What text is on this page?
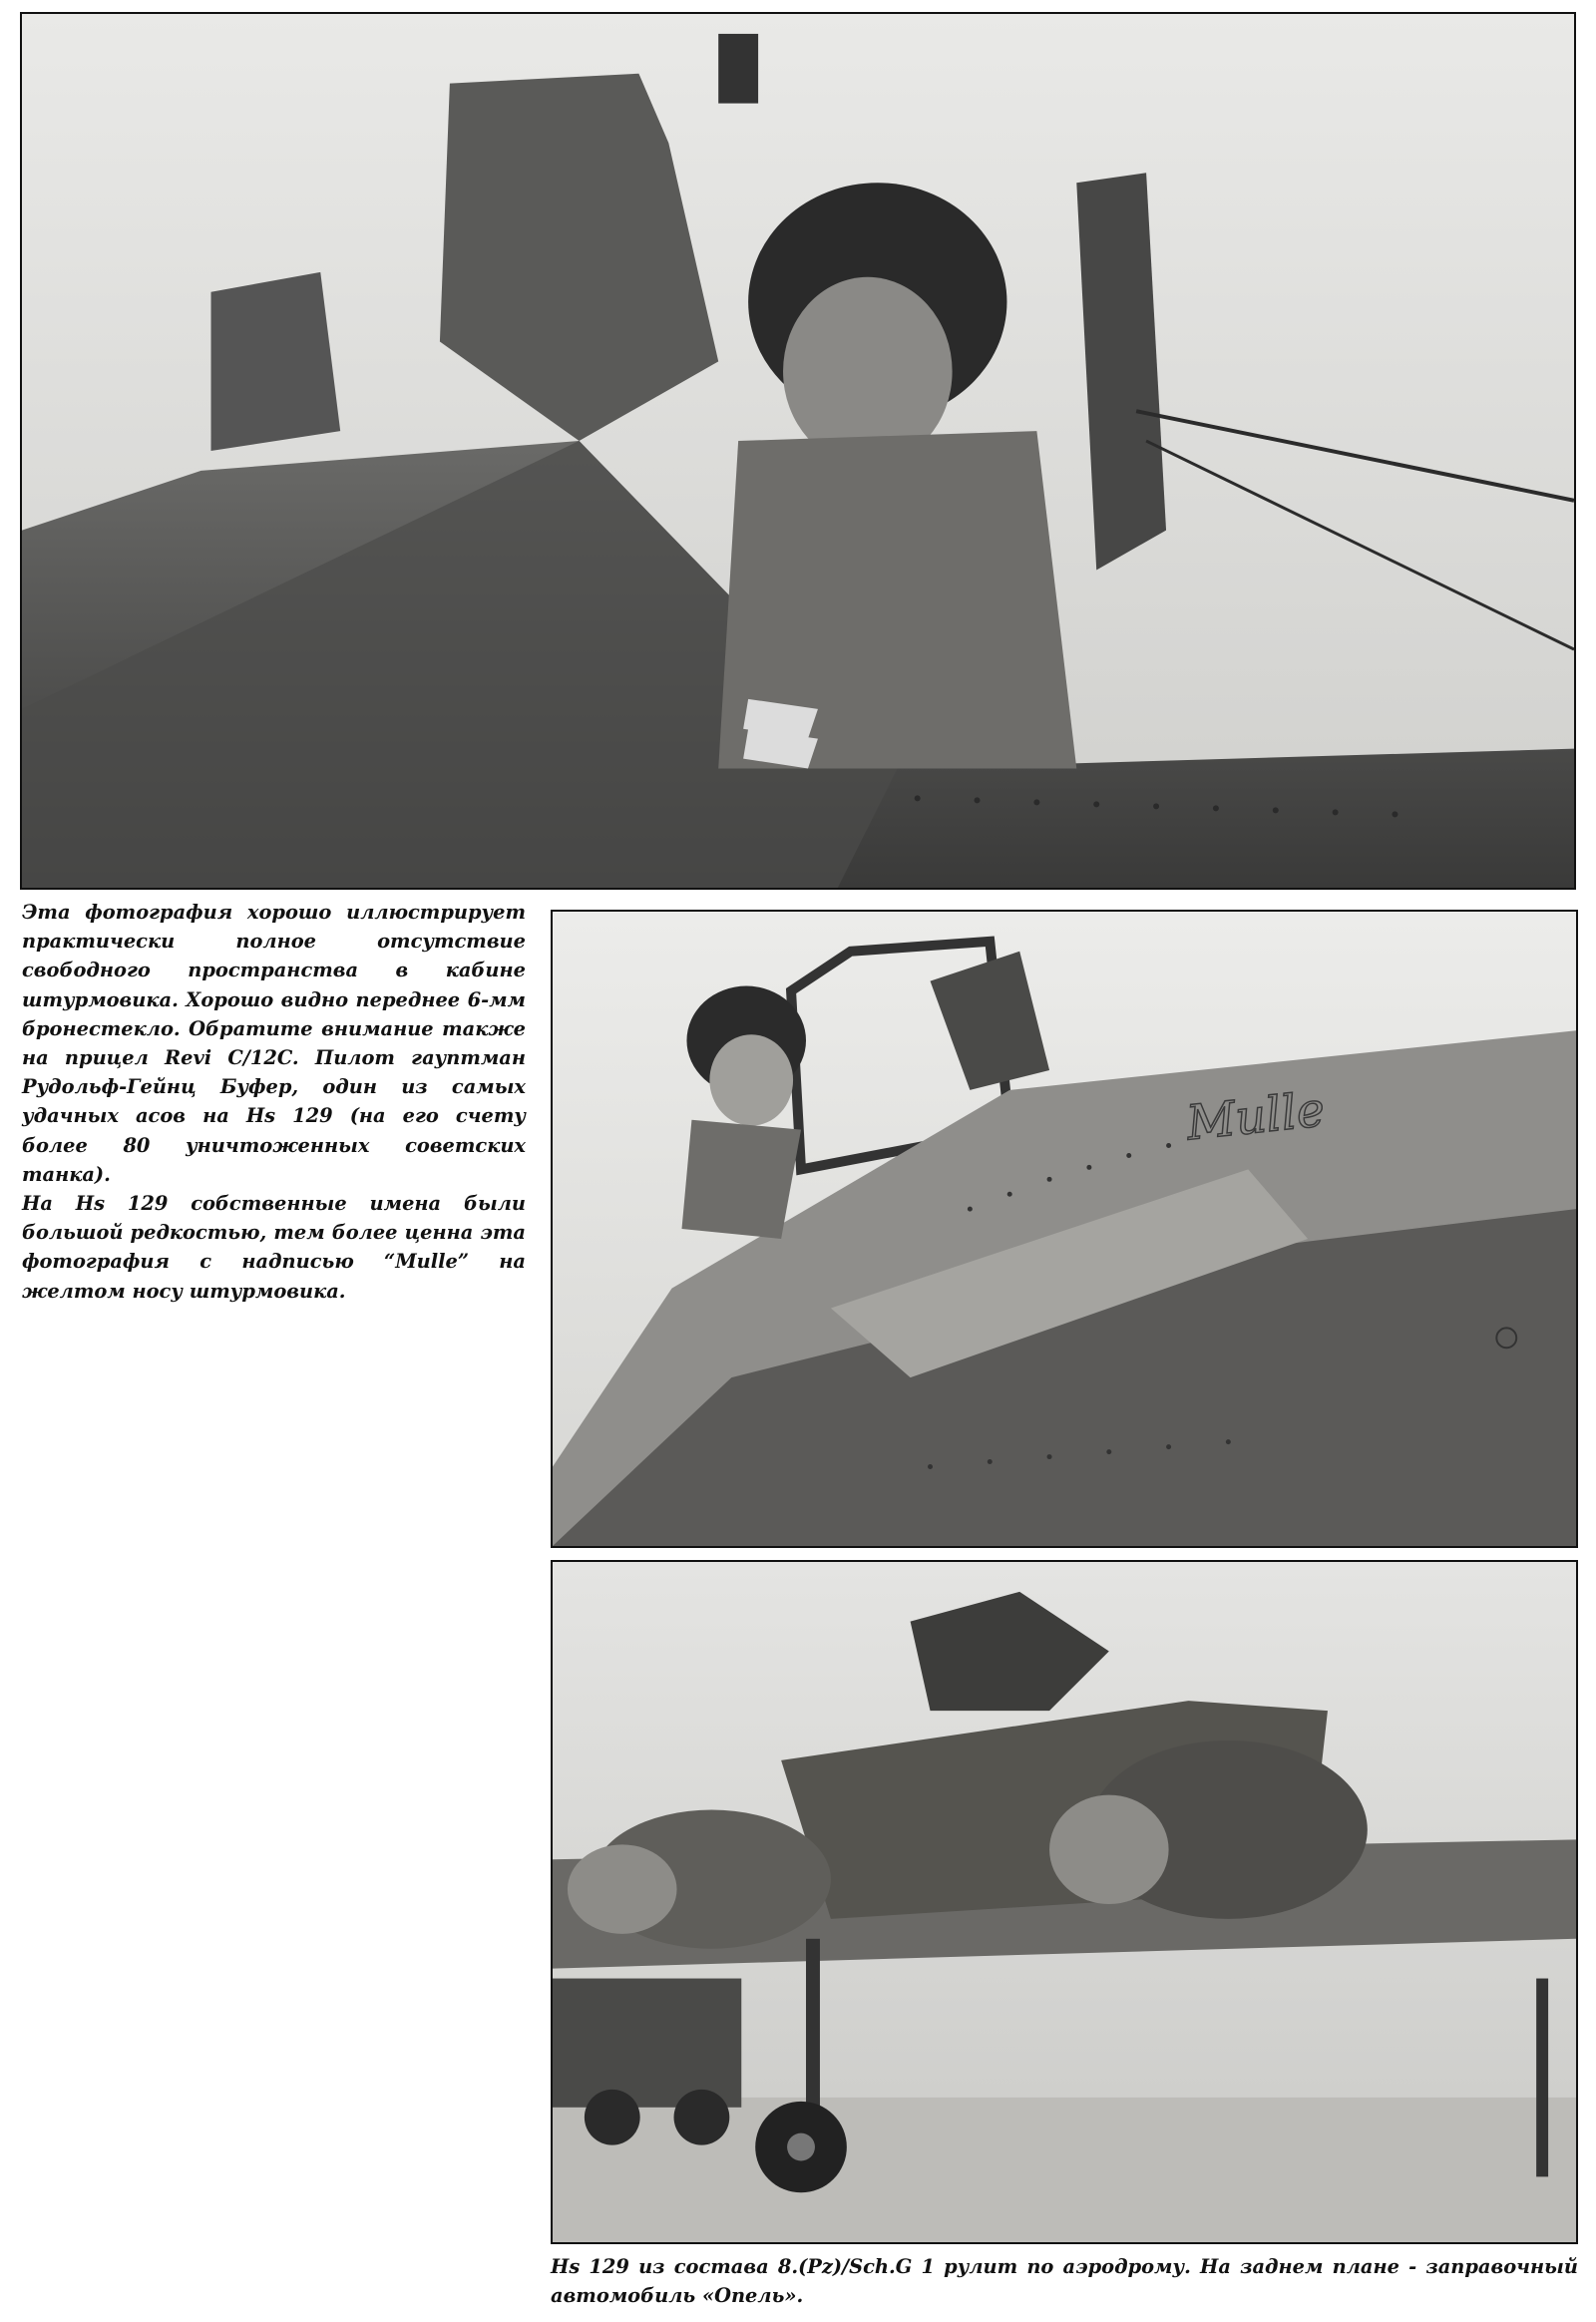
Эта фотография хорошо иллюстрирует практически полное отсутствие свободного пространства в кабине штурмовика. Хорошо видно переднее 6-мм бронестекло. Обратите внимание также на прицел Revi C/12C. Пилот гауптман Рудольф-Гейнц Буфер, один из самых удачных асов на Hs 129 (на его счету более 80 уничтоженных советских танка).

На Hs 129 собственные имена были большой редкостью, тем более ценна эта фотография с надписью “Mulle” на желтом носу штурмовика.

Mulle

Hs 129 из состава 8.(Pz)/Sch.G 1 рулит по аэродрому. На заднем плане - заправочный автомобиль «Опель».
